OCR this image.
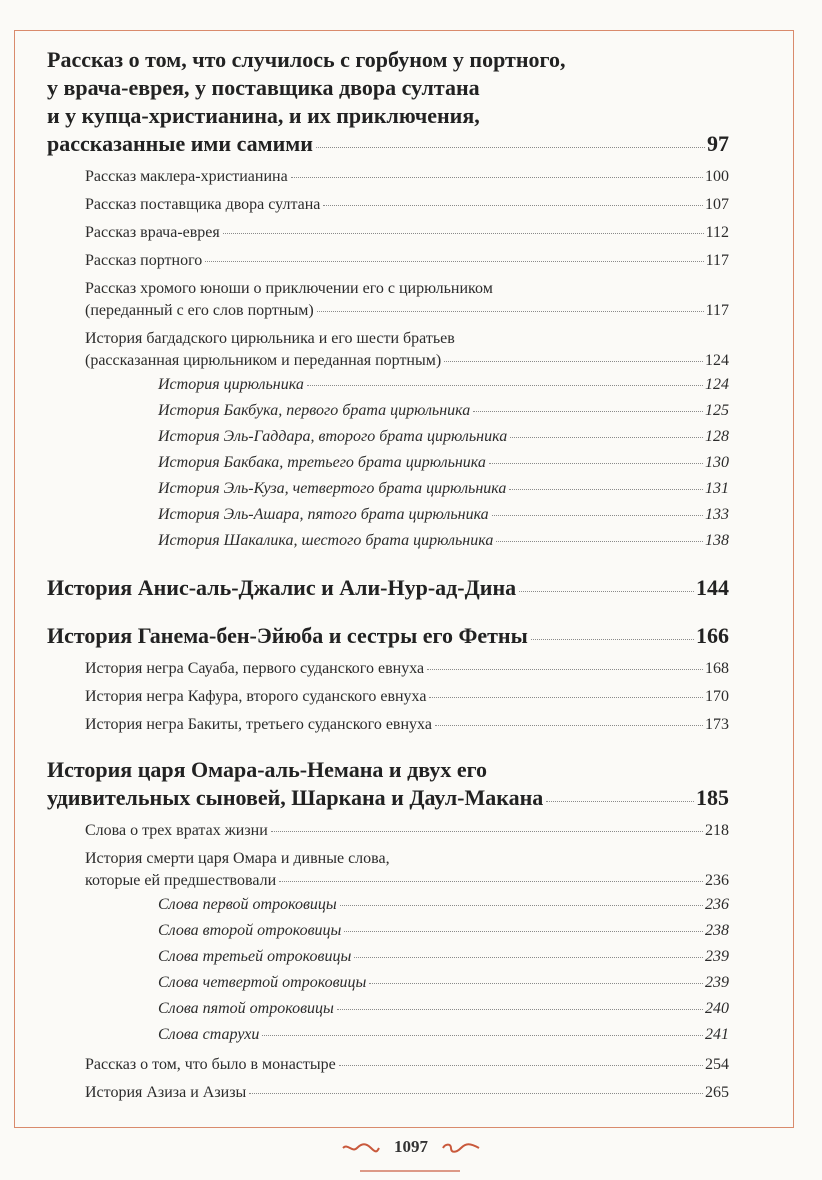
Рассказ о том, что случилось с горбуном у портного,
у врача-еврея, у поставщика двора султана
и у купца-христианина, и их приключения,
рассказанные ими самими	97
Рассказ маклера-христианина	100
Рассказ поставщика двора султана	107
Рассказ врача-еврея	112
Рассказ портного	117
Рассказ хромого юноши о приключении его с цирюльником
(переданный с его слов портным)	117
История багдадского цирюльника и его шести братьев
(рассказанная цирюльником и переданная портным)	124
История цирюльника	124
История Бакбука, первого брата цирюльника	125
История Эль-Гаддара, второго брата цирюльника	128
История Бакбака, третьего брата цирюльника	130
История Эль-Куза, четвертого брата цирюльника	131
История Эль-Ашара, пятого брата цирюльника	133
История Шакалика, шестого брата цирюльника	138
История Анис-аль-Джалис и Али-Нур-ад-Дина	144
История Ганема-бен-Эйюба и сестры его Фетны	166
История негра Сауаба, первого суданского евнуха	168
История негра Кафура, второго суданского евнуха	170
История негра Бакиты, третьего суданского евнуха	173
История царя Омара-аль-Немана и двух его
удивительных сыновей, Шаркана и Даул-Макана	185
Слова о трех вратах жизни	218
История смерти царя Омара и дивные слова,
которые ей предшествовали	236
Слова первой отроковицы	236
Слова второй отроковицы	238
Слова третьей отроковицы	239
Слова четвертой отроковицы	239
Слова пятой отроковицы	240
Слова старухи	241
Рассказ о том, что было в монастыре	254
История Азиза и Азизы	265
1097
